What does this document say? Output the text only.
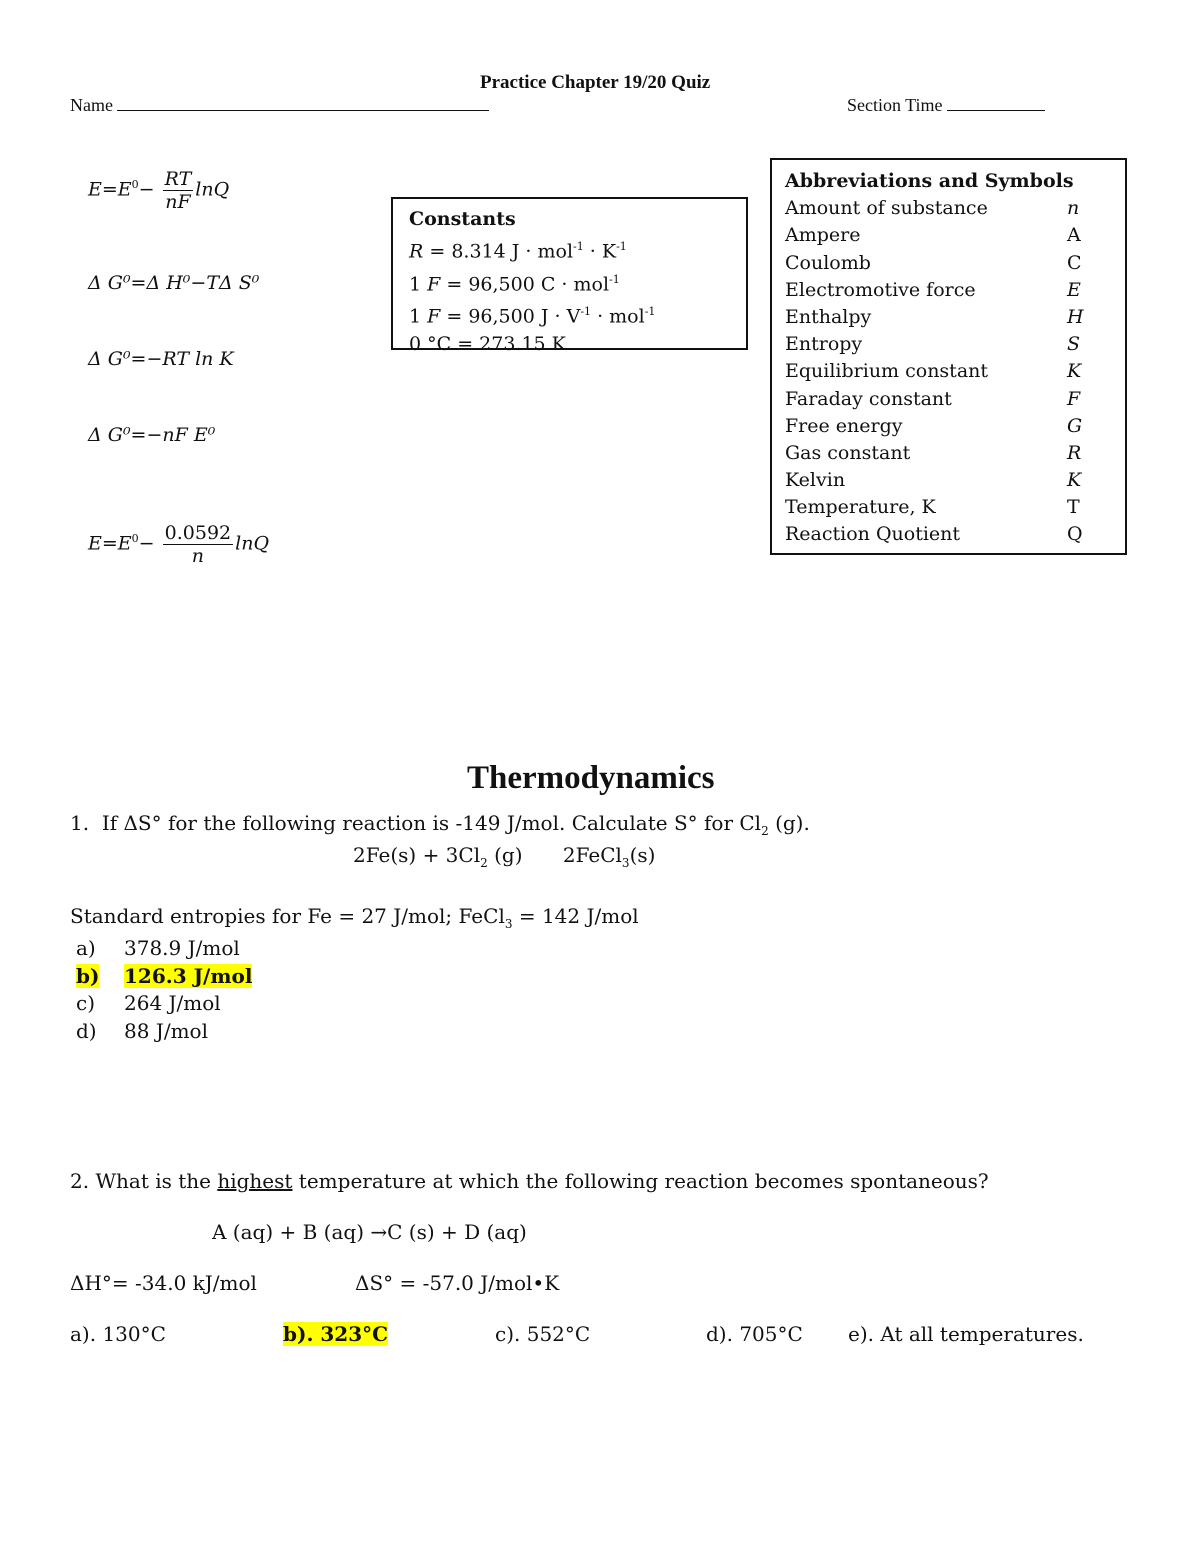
Practice Chapter 19/20 Quiz
Name	Section Time
$E=E^0- \frac{RT}{nF}$ lnQ
Δ G⁰=Δ H⁰−TΔ S⁰
Δ G⁰=−RT ln K
Δ G⁰=−nF E⁰
$E=E^0- \frac{0.0592}{n}$ lnQ
Constants
R = 8.314 $J \cdot mol^{-1} \cdot K^{-1}$
1 F = 96,500 C · mol$^{-1}$
1 F = 96,500 $J \cdot V^{-1} \cdot mol^{-1}$
0 °C = 273.15 K
Abbreviations and Symbols
Amount of substance	n
Ampere	A
Coulomb	C
Electromotive force	E
Enthalpy	H
Entropy	S
Equilibrium constant	K
Faraday constant	F
Free energy	G
Gas constant	R
Kelvin	K
Temperature, K	T
Reaction Quotient	Q
Thermodynamics
1. If ΔS° for the following reaction is -149 J/mol. Calculate S° for $Cl_2$ (g).
$2Fe(s) + 3Cl_2$ (g) 2FeCl$_3$(s)
Standard entropies for Fe = 27 J/mol; FeCl$_3$ = 142 J/mol
a) 378.9 J/mol
b) 126.3 J/mol
c) 264 J/mol
d) 88 J/mol
2. What is the highest temperature at which the following reaction becomes spontaneous?
A (aq) + B (aq) →C (s) + D (aq)
ΔH°= -34.0 kJ/mol	ΔS° = -57.0 J/mol•K
a). 130°C	b). 323°C	c). 552°C	d). 705°C e). At all temperatures.
